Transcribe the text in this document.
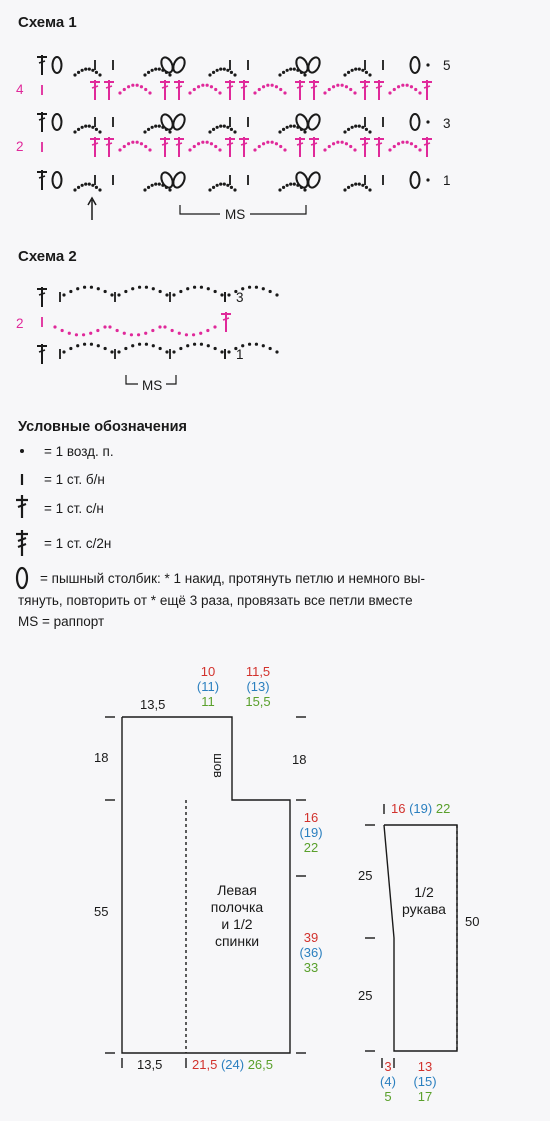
Схема 1
Схема 2
5
3
1
4
2
MS
3
1
2
MS
Условные обозначения
= 1 возд. п.
= 1 ст. б/н
= 1 ст. с/н
= 1 ст. с/2н
= пышный столбик: * 1 накид, протянуть петлю и немного вы-
тянуть, повторить от * ещё 3 раза, провязать все петли вместе
MS = раппорт
13,5
10
(11)
11
11,5
(13)
15,5
18	18
шов
55
16
(19)
22
39
(36)
33
Левая
полочка
и 1/2
спинки
13,5 21,5 (24) 26,5
16 (19) 22
25
25
50
1/2
рукава
3
(4)
5
13
(15)
17
